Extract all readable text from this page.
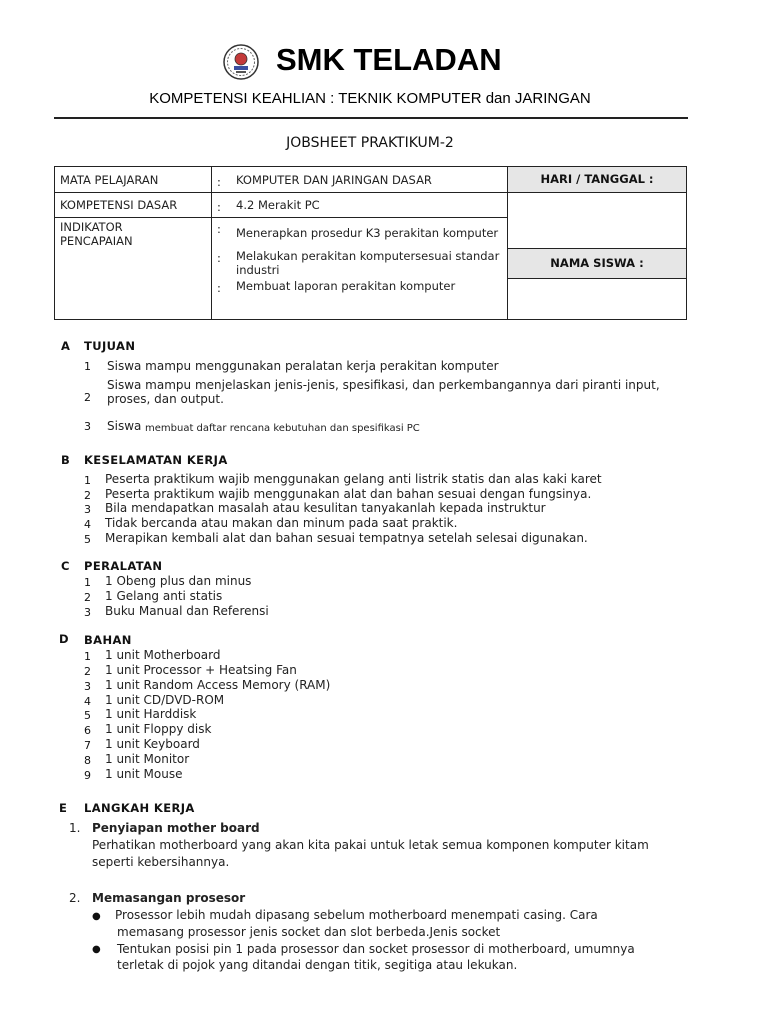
SMK TELADAN
KOMPETENSI KEAHLIAN : TEKNIK KOMPUTER dan JARINGAN
JOBSHEET PRAKTIKUM-2
MATA PELAJARAN	: KOMPUTER DAN JARINGAN DASAR
KOMPETENSI DASAR	: 4.2 Merakit PC
INDIKATOR
PENCAPAIAN
: Menerapkan prosedur K3 perakitan komputer
: Melakukan perakitan komputersesuai standar
industri
: Membuat laporan perakitan komputer
HARI / TANGGAL :
NAMA SISWA :
A TUJUAN
1 Siswa mampu menggunakan peralatan kerja perakitan komputer
2
Siswa mampu menjelaskan jenis-jenis, spesifikasi, dan perkembangannya dari piranti input,
proses, dan output.
3 Siswa membuat daftar rencana kebutuhan dan spesifikasi PC
B KESELAMATAN KERJA
1 Peserta praktikum wajib menggunakan gelang anti listrik statis dan alas kaki karet
2 Peserta praktikum wajib menggunakan alat dan bahan sesuai dengan fungsinya.
3 Bila mendapatkan masalah atau kesulitan tanyakanlah kepada instruktur
4 Tidak bercanda atau makan dan minum pada saat praktik.
5 Merapikan kembali alat dan bahan sesuai tempatnya setelah selesai digunakan.
C PERALATAN
1 1 Obeng plus dan minus
2 1 Gelang anti statis
3 Buku Manual dan Referensi
D BAHAN
1 1 unit Motherboard
2 1 unit Processor + Heatsing Fan
3 1 unit Random Access Memory (RAM)
4 1 unit CD/DVD-ROM
5 1 unit Harddisk
6 1 unit Floppy disk
7 1 unit Keyboard
8 1 unit Monitor
9 1 unit Mouse
E LANGKAH KERJA
1. Penyiapan mother board
Perhatikan motherboard yang akan kita pakai untuk letak semua komponen komputer kitam
seperti kebersihannya.
2. Memasangan prosesor
● Prosessor lebih mudah dipasang sebelum motherboard menempati casing. Cara
memasang prosessor jenis socket dan slot berbeda.Jenis socket
● Tentukan posisi pin 1 pada prosessor dan socket prosessor di motherboard, umumnya
terletak di pojok yang ditandai dengan titik, segitiga atau lekukan.
